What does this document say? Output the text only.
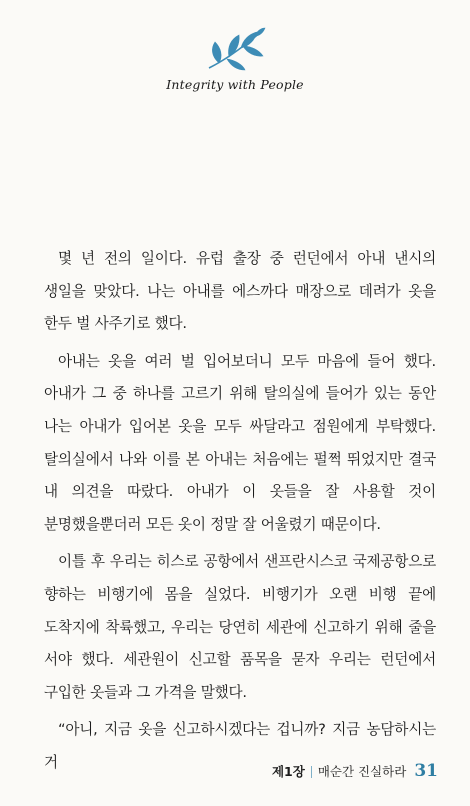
Integrity with People

몇 년 전의 일이다. 유럽 출장 중 런던에서 아내 낸시의 생일을 맞았다. 나는 아내를 에스까다 매장으로 데려가 옷을 한두 벌 사주기로 했다.

아내는 옷을 여러 벌 입어보더니 모두 마음에 들어 했다. 아내가 그 중 하나를 고르기 위해 탈의실에 들어가 있는 동안 나는 아내가 입어본 옷을 모두 싸달라고 점원에게 부탁했다. 탈의실에서 나와 이를 본 아내는 처음에는 펄쩍 뛰었지만 결국 내 의견을 따랐다. 아내가 이 옷들을 잘 사용할 것이 분명했을뿐더러 모든 옷이 정말 잘 어울렸기 때문이다.

이틀 후 우리는 히스로 공항에서 샌프란시스코 국제공항으로 향하는 비행기에 몸을 실었다. 비행기가 오랜 비행 끝에 도착지에 착륙했고, 우리는 당연히 세관에 신고하기 위해 줄을 서야 했다. 세관원이 신고할 품목을 묻자 우리는 런던에서 구입한 옷들과 그 가격을 말했다.

“아니, 지금 옷을 신고하시겠다는 겁니까? 지금 농담하시는 거

제1장 매순간 진실하라 31
